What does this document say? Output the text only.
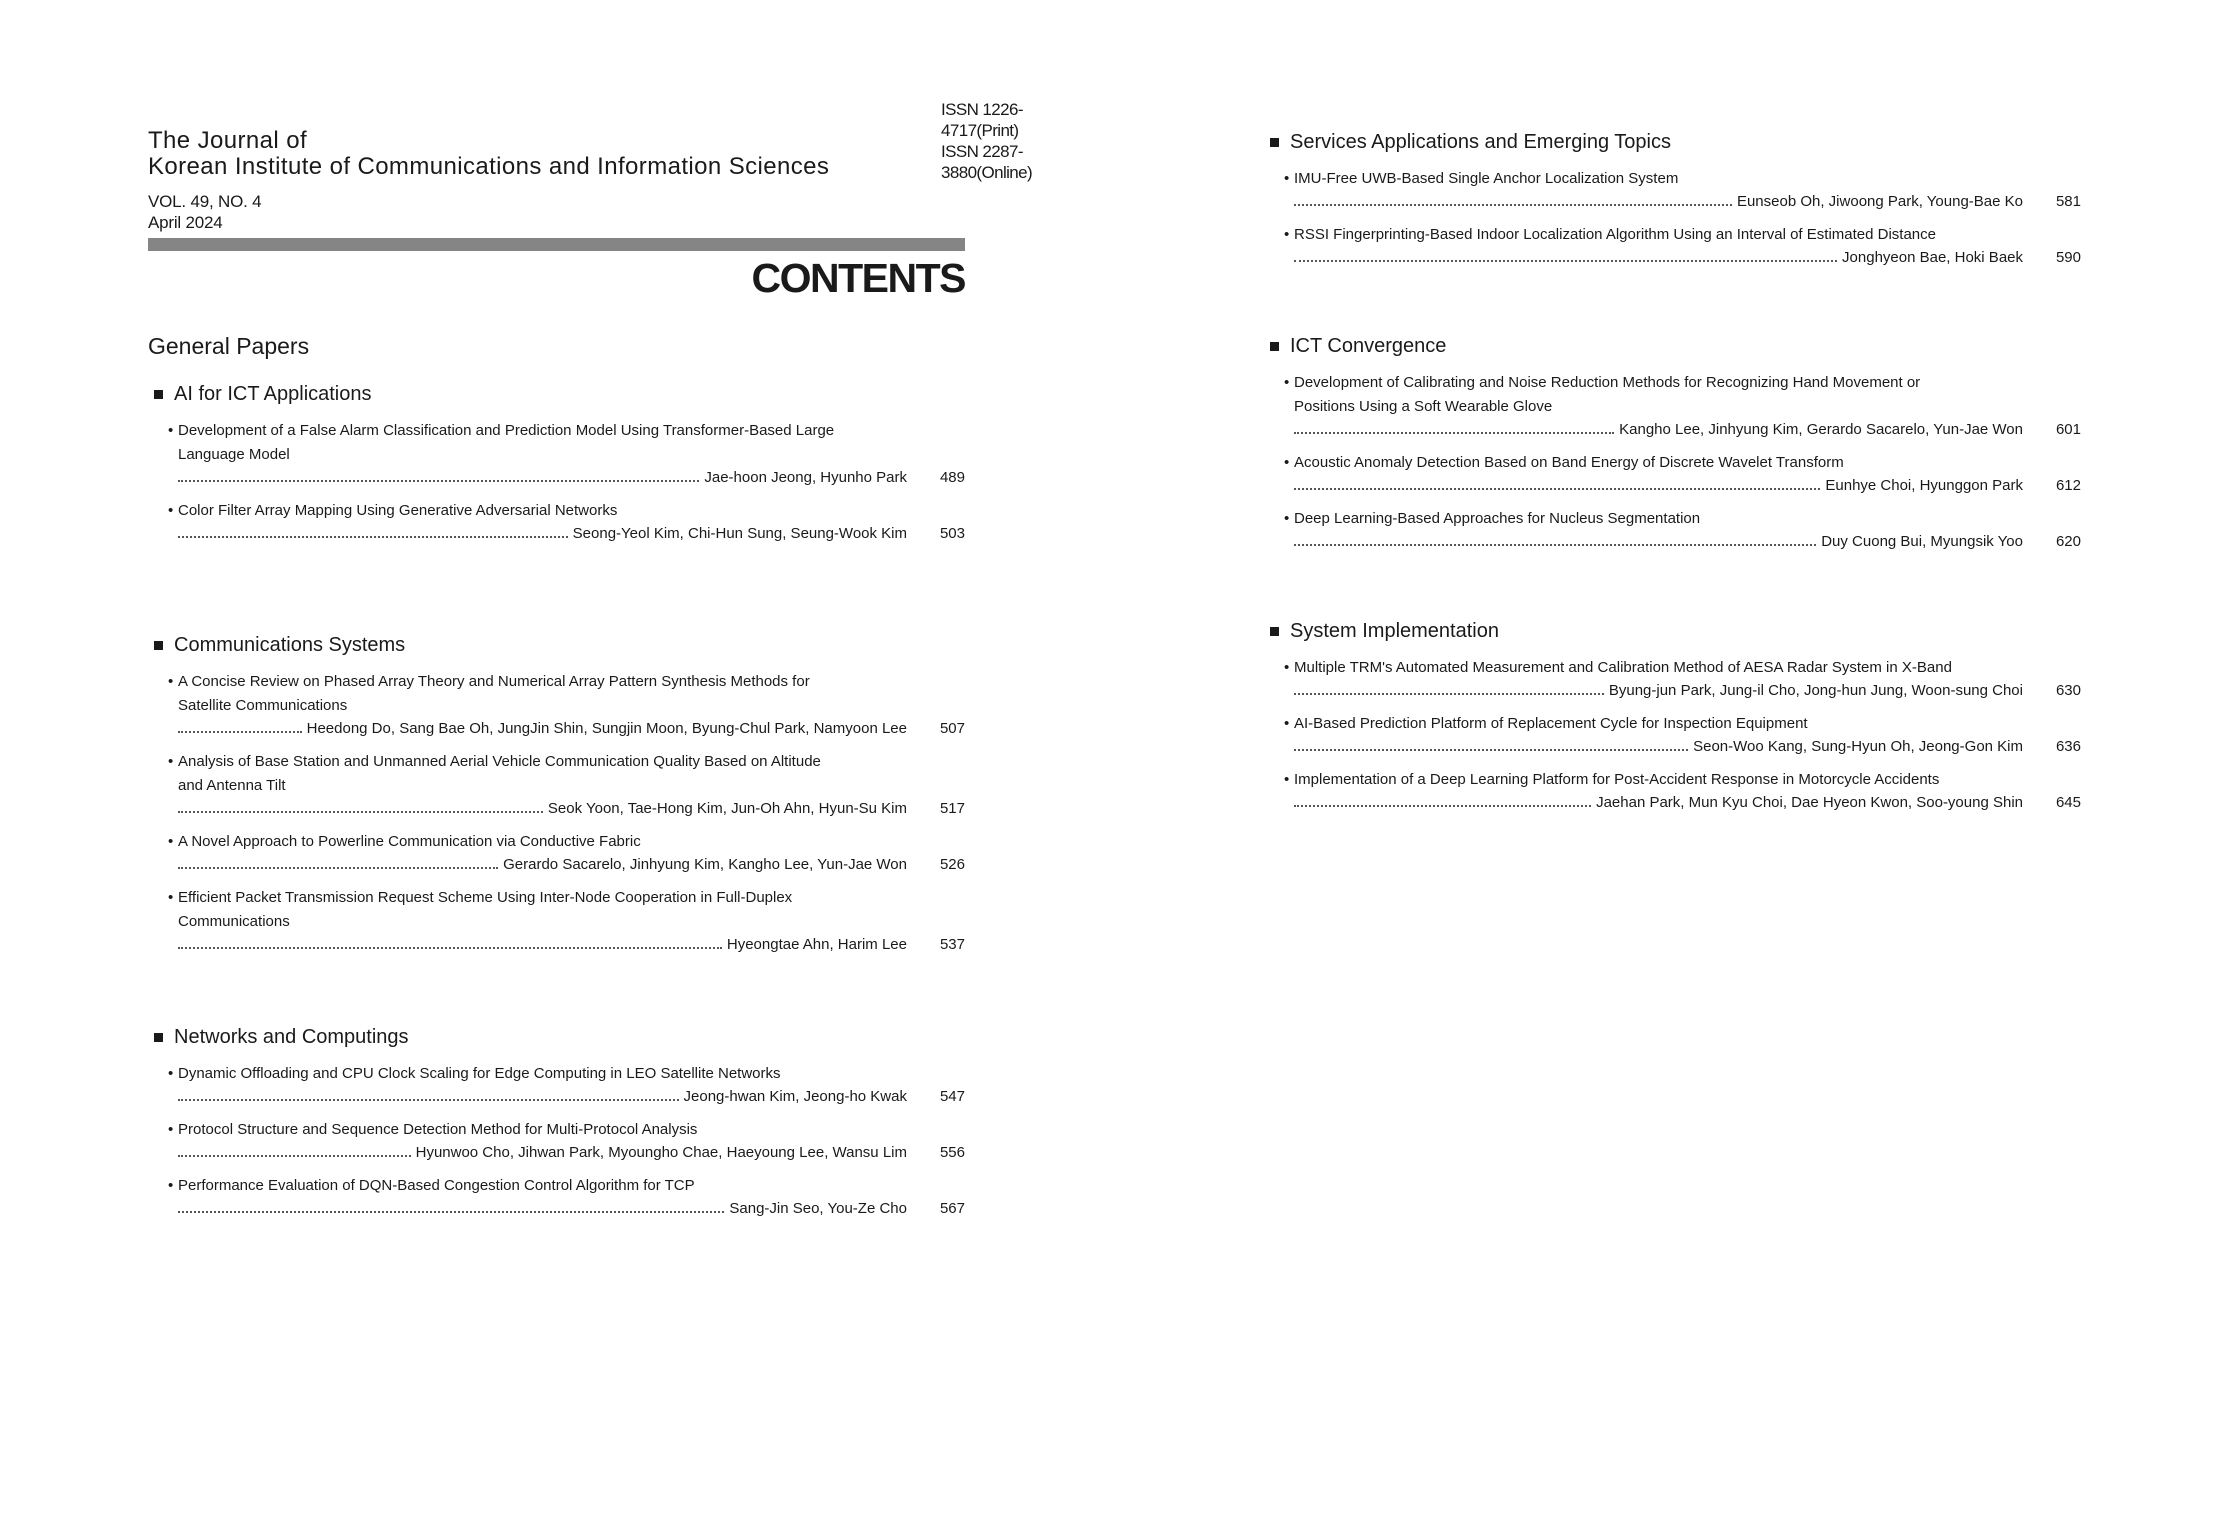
ISSN 1226-4717(Print)
ISSN 2287-3880(Online)
The Journal of
Korean Institute of Communications and Information Sciences
VOL. 49, NO. 4
April 2024
CONTENTS
General Papers
AI for ICT Applications
• Development of a False Alarm Classification and Prediction Model Using Transformer-Based Large
Language Model
Jae-hoon Jeong, Hyunho Park	489
• Color Filter Array Mapping Using Generative Adversarial Networks
Seong-Yeol Kim, Chi-Hun Sung, Seung-Wook Kim	503
Communications Systems
• A Concise Review on Phased Array Theory and Numerical Array Pattern Synthesis Methods for
Satellite Communications
Heedong Do, Sang Bae Oh, JungJin Shin, Sungjin Moon, Byung-Chul Park, Namyoon Lee	507
• Analysis of Base Station and Unmanned Aerial Vehicle Communication Quality Based on Altitude
and Antenna Tilt
Seok Yoon, Tae-Hong Kim, Jun-Oh Ahn, Hyun-Su Kim	517
• A Novel Approach to Powerline Communication via Conductive Fabric
Gerardo Sacarelo, Jinhyung Kim, Kangho Lee, Yun-Jae Won	526
• Efficient Packet Transmission Request Scheme Using Inter-Node Cooperation in Full-Duplex
Communications
Hyeongtae Ahn, Harim Lee	537
Networks and Computings
• Dynamic Offloading and CPU Clock Scaling for Edge Computing in LEO Satellite Networks
Jeong-hwan Kim, Jeong-ho Kwak	547
• Protocol Structure and Sequence Detection Method for Multi-Protocol Analysis
Hyunwoo Cho, Jihwan Park, Myoungho Chae, Haeyoung Lee, Wansu Lim	556
• Performance Evaluation of DQN-Based Congestion Control Algorithm for TCP
Sang-Jin Seo, You-Ze Cho	567
Services Applications and Emerging Topics
• IMU-Free UWB-Based Single Anchor Localization System
Eunseob Oh, Jiwoong Park, Young-Bae Ko	581
• RSSI Fingerprinting-Based Indoor Localization Algorithm Using an Interval of Estimated Distance
Jonghyeon Bae, Hoki Baek	590
ICT Convergence
• Development of Calibrating and Noise Reduction Methods for Recognizing Hand Movement or
Positions Using a Soft Wearable Glove
Kangho Lee, Jinhyung Kim, Gerardo Sacarelo, Yun-Jae Won	601
• Acoustic Anomaly Detection Based on Band Energy of Discrete Wavelet Transform
Eunhye Choi, Hyunggon Park	612
• Deep Learning-Based Approaches for Nucleus Segmentation
Duy Cuong Bui, Myungsik Yoo	620
System Implementation
• Multiple TRM's Automated Measurement and Calibration Method of AESA Radar System in X-Band
Byung-jun Park, Jung-il Cho, Jong-hun Jung, Woon-sung Choi	630
• AI-Based Prediction Platform of Replacement Cycle for Inspection Equipment
Seon-Woo Kang, Sung-Hyun Oh, Jeong-Gon Kim	636
• Implementation of a Deep Learning Platform for Post-Accident Response in Motorcycle Accidents
Jaehan Park, Mun Kyu Choi, Dae Hyeon Kwon, Soo-young Shin	645
